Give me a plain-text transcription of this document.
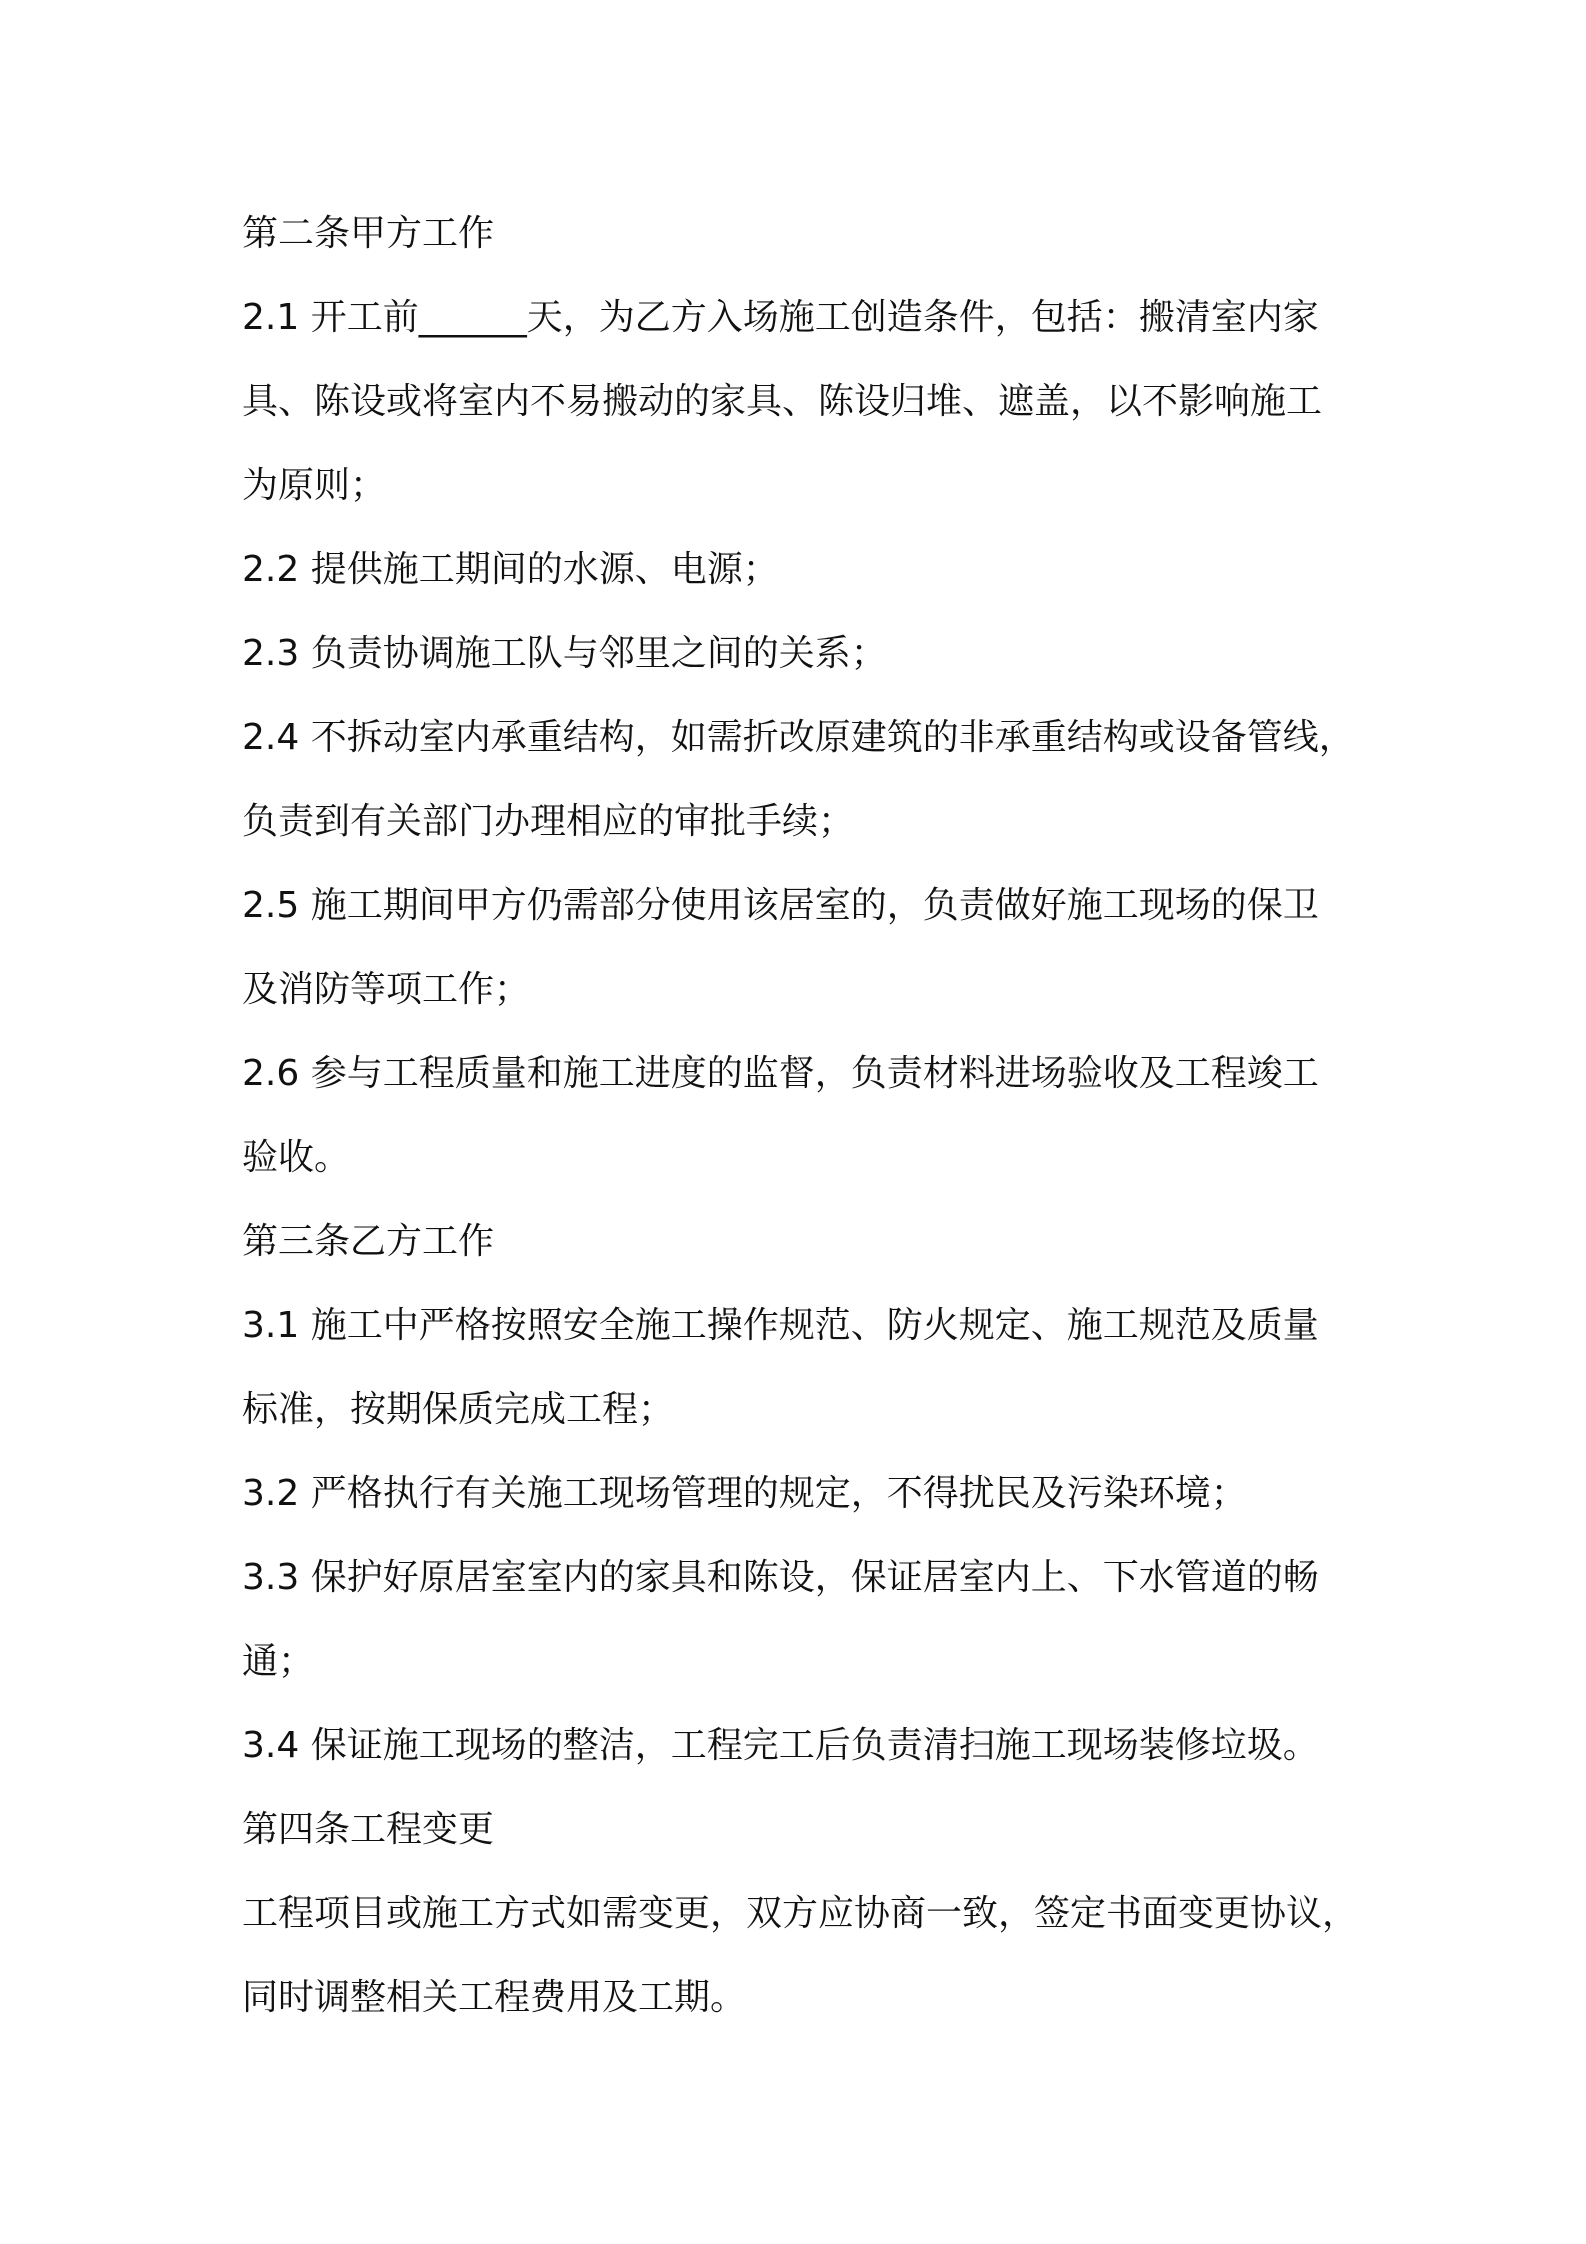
第二条甲方工作
2.1 开工前______天，为乙方入场施工创造条件，包括：搬清室内家
具、陈设或将室内不易搬动的家具、陈设归堆、遮盖，以不影响施工
为原则；
2.2 提供施工期间的水源、电源；
2.3 负责协调施工队与邻里之间的关系；
2.4 不拆动室内承重结构，如需折改原建筑的非承重结构或设备管线，
负责到有关部门办理相应的审批手续；
2.5 施工期间甲方仍需部分使用该居室的，负责做好施工现场的保卫
及消防等项工作；
2.6 参与工程质量和施工进度的监督，负责材料进场验收及工程竣工
验收。
第三条乙方工作
3.1 施工中严格按照安全施工操作规范、防火规定、施工规范及质量
标准，按期保质完成工程；
3.2 严格执行有关施工现场管理的规定，不得扰民及污染环境；
3.3 保护好原居室室内的家具和陈设，保证居室内上、下水管道的畅
通；
3.4 保证施工现场的整洁，工程完工后负责清扫施工现场装修垃圾。
第四条工程变更
工程项目或施工方式如需变更，双方应协商一致，签定书面变更协议，
同时调整相关工程费用及工期。
